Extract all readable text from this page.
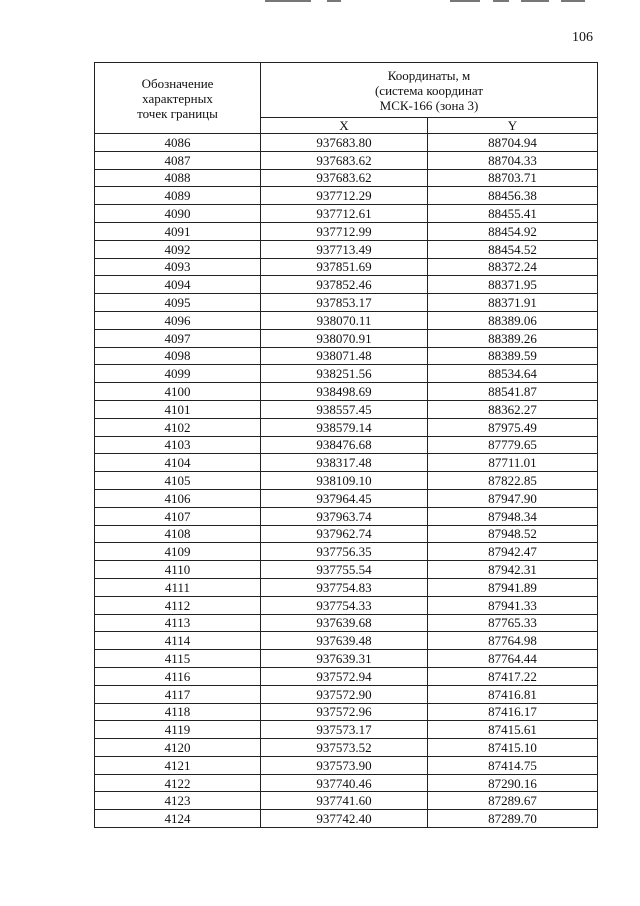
106
Обозначение
характерных
точек границы	Координаты, м
(система координат
МСК-166 (зона 3)	

	X	Y
4086	937683.80	88704.94
4087	937683.62	88704.33
4088	937683.62	88703.71
4089	937712.29	88456.38
4090	937712.61	88455.41
4091	937712.99	88454.92
4092	937713.49	88454.52
4093	937851.69	88372.24
4094	937852.46	88371.95
4095	937853.17	88371.91
4096	938070.11	88389.06
4097	938070.91	88389.26
4098	938071.48	88389.59
4099	938251.56	88534.64
4100	938498.69	88541.87
4101	938557.45	88362.27
4102	938579.14	87975.49
4103	938476.68	87779.65
4104	938317.48	87711.01
4105	938109.10	87822.85
4106	937964.45	87947.90
4107	937963.74	87948.34
4108	937962.74	87948.52
4109	937756.35	87942.47
4110	937755.54	87942.31
4111	937754.83	87941.89
4112	937754.33	87941.33
4113	937639.68	87765.33
4114	937639.48	87764.98
4115	937639.31	87764.44
4116	937572.94	87417.22
4117	937572.90	87416.81
4118	937572.96	87416.17
4119	937573.17	87415.61
4120	937573.52	87415.10
4121	937573.90	87414.75
4122	937740.46	87290.16
4123	937741.60	87289.67
4124	937742.40	87289.70
